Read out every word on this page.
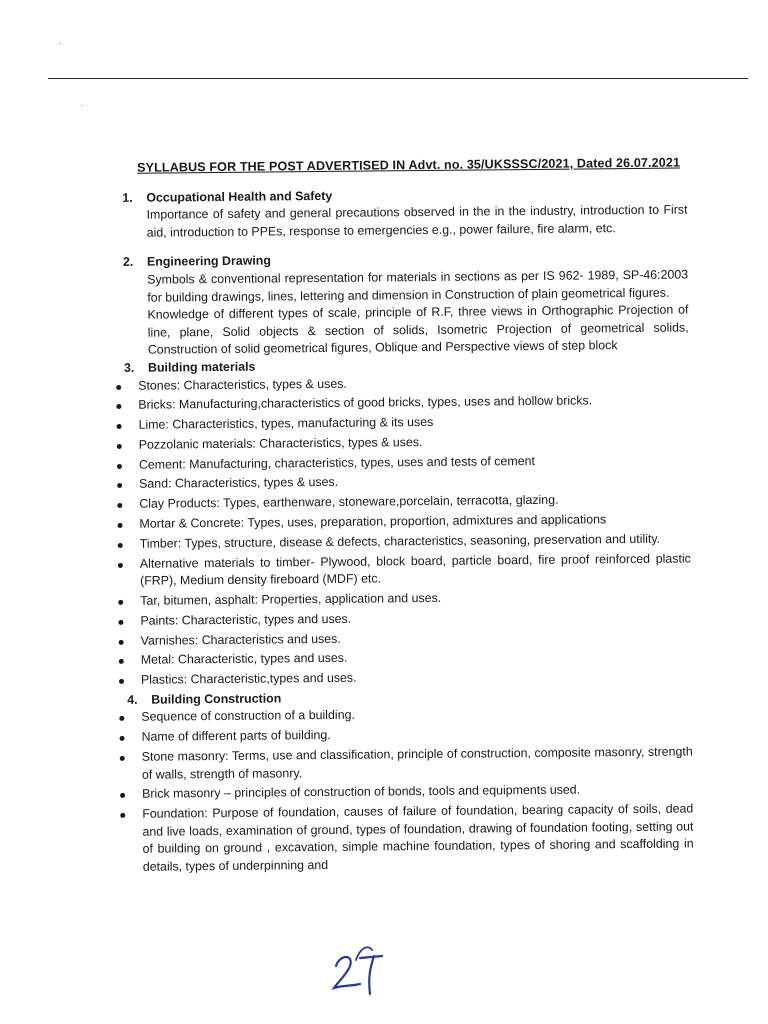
·
·
SYLLABUS FOR THE POST ADVERTISED IN Advt. no. 35/UKSSSC/2021, Dated 26.07.2021
1. Occupational Health and Safety
Importance of safety and general precautions observed in the in the industry, introduction to First aid, introduction to PPEs, response to emergencies e.g., power failure, fire alarm, etc.
2. Engineering Drawing
Symbols & conventional representation for materials in sections as per IS 962- 1989, SP-46:2003 for building drawings, lines, lettering and dimension in Construction of plain geometrical figures.
Knowledge of different types of scale, principle of R.F, three views in Orthographic Projection of line, plane, Solid objects & section of solids, Isometric Projection of geometrical solids, Construction of solid geometrical figures, Oblique and Perspective views of step block
3. Building materials
Stones: Characteristics, types & uses.
Bricks: Manufacturing,characteristics of good bricks, types, uses and hollow bricks.
Lime: Characteristics, types, manufacturing & its uses
Pozzolanic materials: Characteristics, types & uses.
Cement: Manufacturing, characteristics, types, uses and tests of cement
Sand: Characteristics, types & uses.
Clay Products: Types, earthenware, stoneware,porcelain, terracotta, glazing.
Mortar & Concrete: Types, uses, preparation, proportion, admixtures and applications
Timber: Types, structure, disease & defects, characteristics, seasoning, preservation and utility.
Alternative materials to timber- Plywood, block board, particle board, fire proof reinforced plastic (FRP), Medium density fireboard (MDF) etc.
Tar, bitumen, asphalt: Properties, application and uses.
Paints: Characteristic, types and uses.
Varnishes: Characteristics and uses.
Metal: Characteristic, types and uses.
Plastics: Characteristic,types and uses.
4. Building Construction
Sequence of construction of a building.
Name of different parts of building.
Stone masonry: Terms, use and classification, principle of construction, composite masonry, strength of walls, strength of masonry.
Brick masonry – principles of construction of bonds, tools and equipments used.
Foundation: Purpose of foundation, causes of failure of foundation, bearing capacity of soils, dead and live loads, examination of ground, types of foundation, drawing of foundation footing, setting out of building on ground , excavation, simple machine foundation, types of shoring and scaffolding in details, types of underpinning and
